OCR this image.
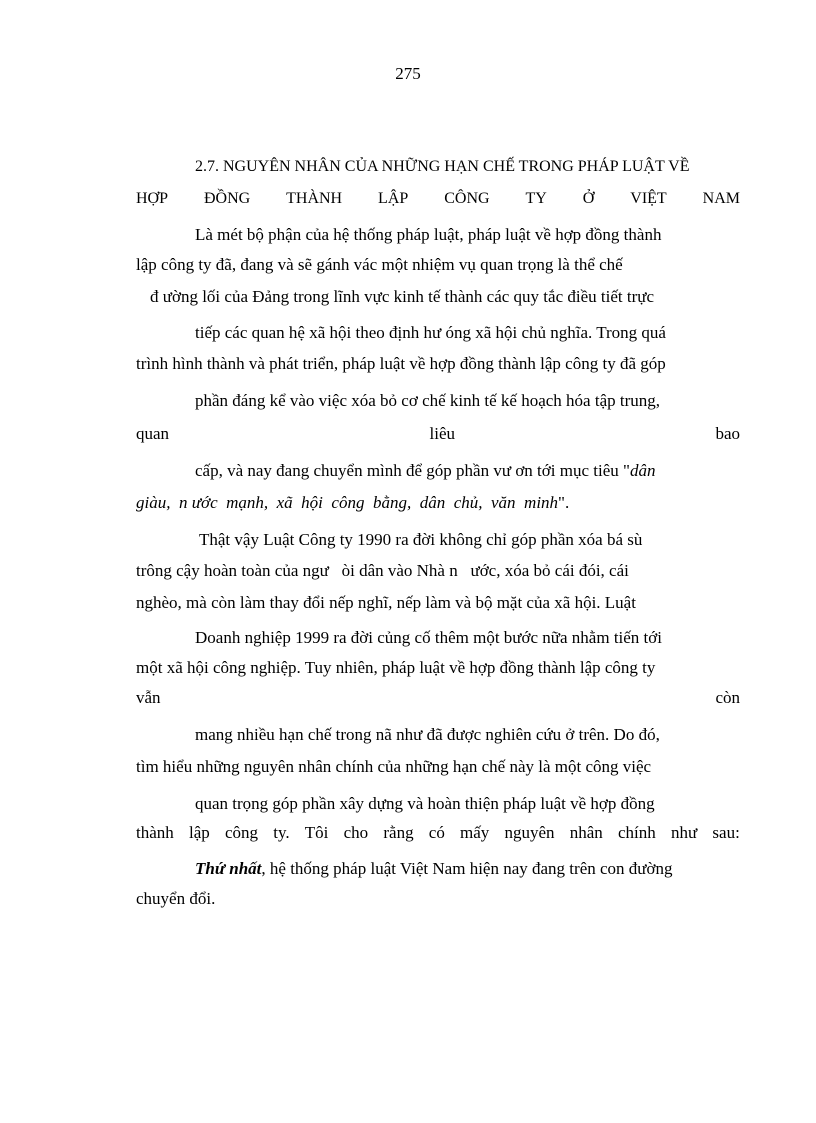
275
2.7. NGUYÊN NHÂN CỦA NHỮNG HẠN CHẾ TRONG PHÁP LUẬT VỀ
HỢP ĐỒNG THÀNH LẬP CÔNG TY Ở VIỆT NAM
Là mét bộ phận của hệ thống pháp luật, pháp luật về hợp đồng thành
lập công ty đã, đang và sẽ gánh vác một nhiệm vụ quan trọng là thể chế
đ ường lối của Đảng trong lĩnh vực kinh tế thành các quy tắc điều tiết trực
tiếp các quan hệ xã hội theo định hư óng xã hội chủ nghĩa. Trong quá
trình hình thành và phát triển, pháp luật về hợp đồng thành lập công ty đã góp
phần đáng kể vào việc xóa bỏ cơ chế kinh tế kế hoạch hóa tập trung,
quan	liêu	bao
cấp, và nay đang chuyển mình để góp phần vư ơn tới mục tiêu "dân
giàu,  n ước  mạnh,  xã  hội  công  bằng,  dân  chủ,  văn  minh".
Thật vậy Luật Công ty 1990 ra đời không chỉ góp phần xóa bá sù
trông cậy hoàn toàn của ngư   òi dân vào Nhà n   ước, xóa bỏ cái đói, cái
nghèo, mà còn làm thay đổi nếp nghĩ, nếp làm và bộ mặt của xã hội. Luật
Doanh nghiệp 1999 ra đời củng cố thêm một bước nữa nhằm tiến tới
một xã hội công nghiệp. Tuy nhiên, pháp luật về hợp đồng thành lập công ty
vẫn	còn
mang nhiều hạn chế trong nã như đã được nghiên cứu ở trên. Do đó,
tìm hiểu những nguyên nhân chính của những hạn chế này là một công việc
quan trọng góp phần xây dựng và hoàn thiện pháp luật về hợp đồng
thành lập công ty. Tôi cho rằng có mấy nguyên nhân chính như sau:
Thứ nhất, hệ thống pháp luật Việt Nam hiện nay đang trên con đường
chuyển đổi.
